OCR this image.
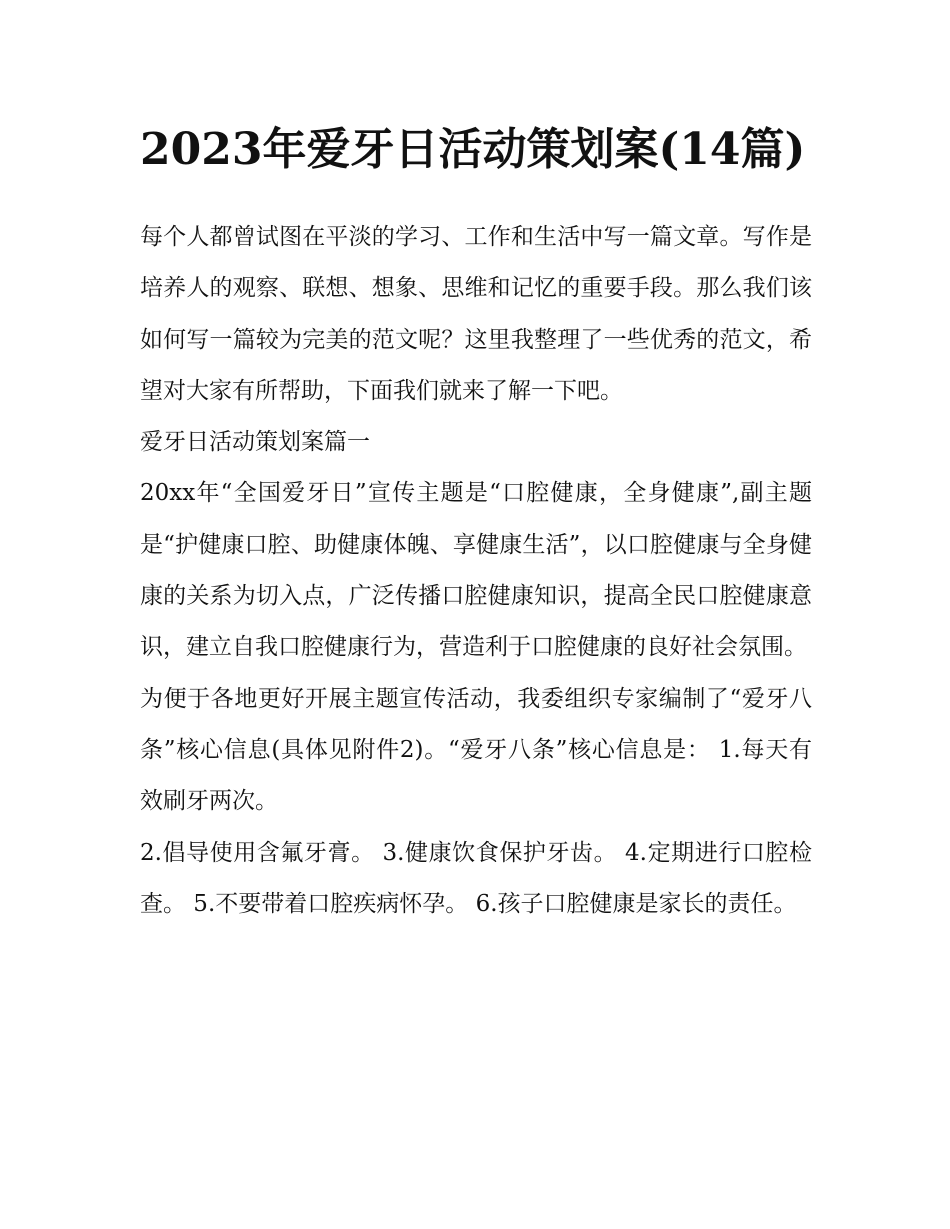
2023年爱牙日活动策划案(14篇)

每个人都曾试图在平淡的学习、工作和生活中写一篇文章。写作是培养人的观察、联想、想象、思维和记忆的重要手段。那么我们该如何写一篇较为完美的范文呢？这里我整理了一些优秀的范文，希望对大家有所帮助，下面我们就来了解一下吧。

爱牙日活动策划案篇一

20xx年“全国爱牙日”宣传主题是“口腔健康，全身健康”,副主题是“护健康口腔、助健康体魄、享健康生活”，以口腔健康与全身健康的关系为切入点，广泛传播口腔健康知识，提高全民口腔健康意识，建立自我口腔健康行为，营造利于口腔健康的良好社会氛围。

为便于各地更好开展主题宣传活动，我委组织专家编制了“爱牙八条”核心信息(具体见附件2)。“爱牙八条”核心信息是： 1.每天有效刷牙两次。

2.倡导使用含氟牙膏。 3.健康饮食保护牙齿。 4.定期进行口腔检查。 5.不要带着口腔疾病怀孕。 6.孩子口腔健康是家长的责任。
